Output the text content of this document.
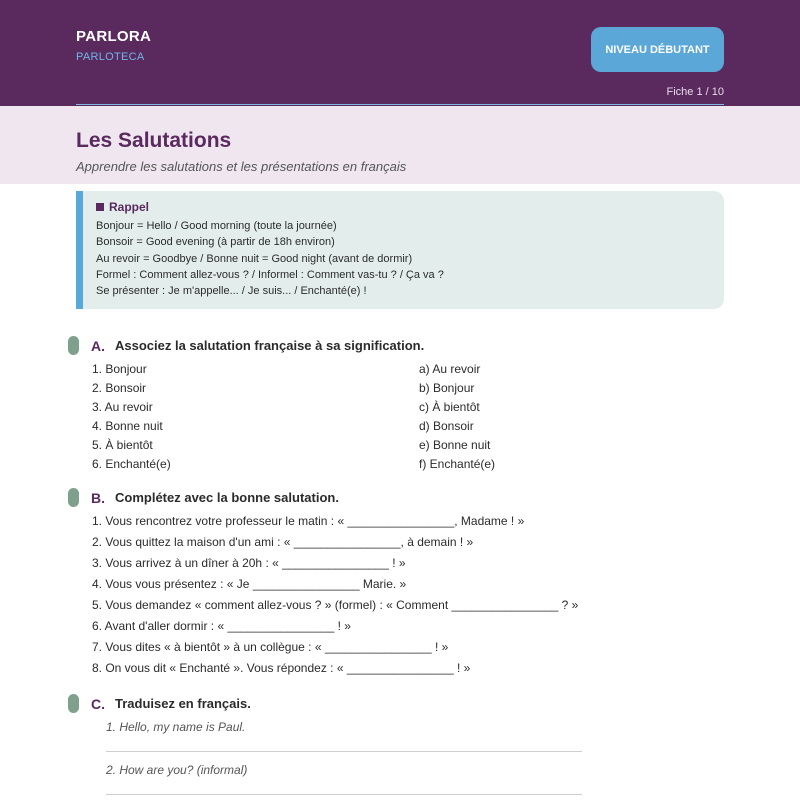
PARLORA
PARLOTECA
NIVEAU DÉBUTANT
Fiche 1 / 10
Les Salutations
Apprendre les salutations et les présentations en français
Rappel
Bonjour = Hello / Good morning (toute la journée)
Bonsoir = Good evening (à partir de 18h environ)
Au revoir = Goodbye / Bonne nuit = Good night (avant de dormir)
Formel : Comment allez-vous ? / Informel : Comment vas-tu ? / Ça va ?
Se présenter : Je m'appelle... / Je suis... / Enchanté(e) !
A. Associez la salutation française à sa signification.
1. Bonjour
2. Bonsoir
3. Au revoir
4. Bonne nuit
5. À bientôt
6. Enchanté(e)
a) Au revoir
b) Bonjour
c) À bientôt
d) Bonsoir
e) Bonne nuit
f) Enchanté(e)
B. Complétez avec la bonne salutation.
1. Vous rencontrez votre professeur le matin : « ________________, Madame ! »
2. Vous quittez la maison d'un ami : « ________________, à demain ! »
3. Vous arrivez à un dîner à 20h : « ________________ ! »
4. Vous vous présentez : « Je ________________ Marie. »
5. Vous demandez « comment allez-vous ? » (formel) : « Comment ________________ ? »
6. Avant d'aller dormir : « ________________ ! »
7. Vous dites « à bientôt » à un collègue : « ________________ ! »
8. On vous dit « Enchanté ». Vous répondez : « ________________ ! »
C. Traduisez en français.
1. Hello, my name is Paul.
2. How are you? (informal)
